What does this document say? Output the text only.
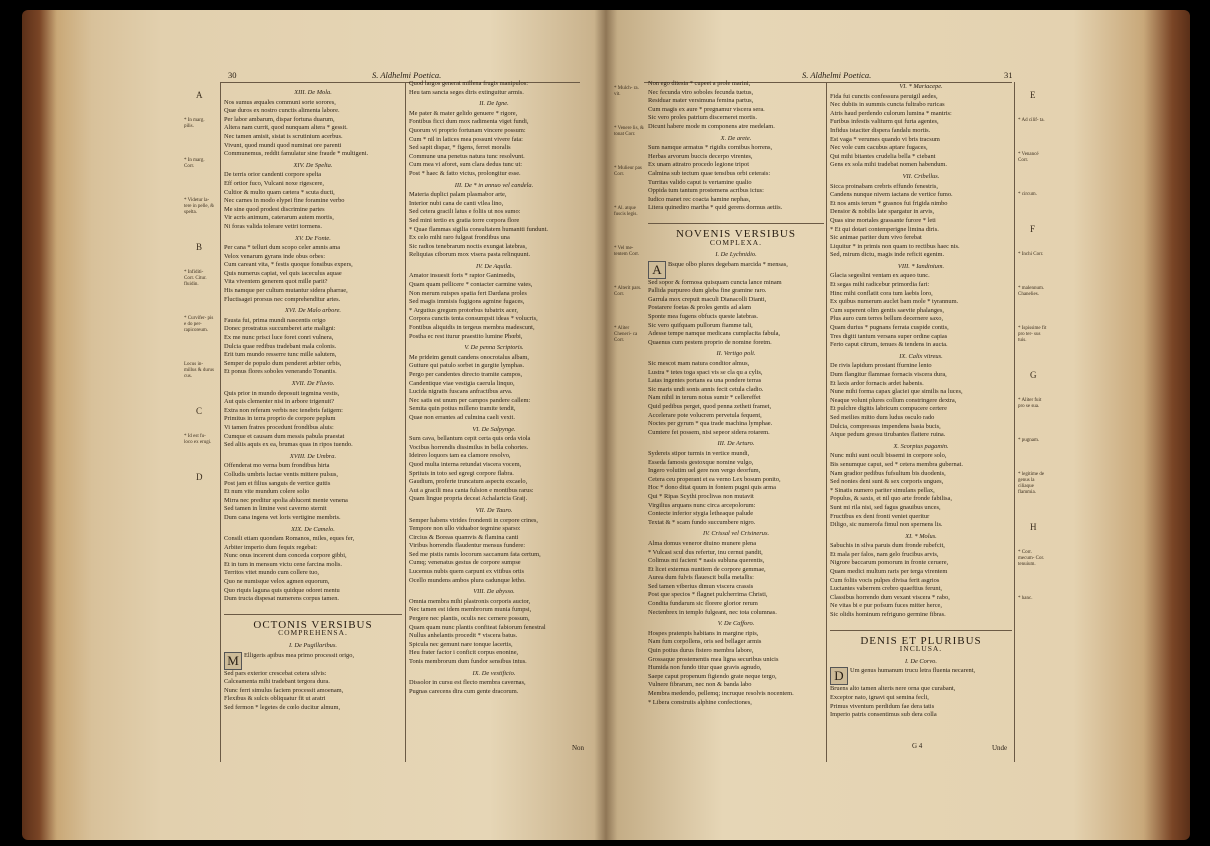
30	S. Aldhelmi Poetica.
A
* In marg. pilis.
* In marg. Corr.
* Videtur la-tere in pelle, & spelta.
B
* Infiditi- Corr. Citur. fluidin.
* Curvifer- pis e do per- rapicoreum.
Locus in- millus & durus cus.
C
* Id est fu- loco ex erugi.
D
XIII. De Mola.
Nos sumus æquales communi sorte sorores,
Quæ duros ex nostro cunctis alimenta labore.
Per labor ambarum, dispar fortuna duarum,
Altera nam currit, quod nunquam altera * gessit.
Nec tamen amisit, sistat is scrutinium acerbus.
Vivunt, quod mundi quod numinat ore parenti
Communemus, reddit famulatur sine fraude * multigeni.
XIV. De Spelta.
De terris orior candenti corpore spelta
Eff ortior fuco, Vulcani noxe rigescere,
Cultior & multo quam cætera * scuta ducti,
Nec carnes in modo elypei fine foramine verbo
Me sine quod prodest discrimine partes
Vir acris animum, caterarum autem mortis,
Ni foras valida tolerare vetiri tormens.
XV. De Fonte.
Per cana * telluri dum scopo celer amnis ama
Velox venarum gyrans inde obus orbes:
Cum careant vita, * festis quoque fonsibus expers,
Quis numerus capiat, vel quis iaceculus aquae
Vita viventem generem quot mille parit?
His namque per cultum mutantur sidera pharrae,
Fluctisagei prorsus nec comprehenditur artes.
XVI. De Malo arbore.
Fausta fui, prima mundi nascentis origo
Donec prostratus succumberet arte maligni:
Ex me nunc prisci luce foret conri vulnera,
Dulcia quae redibus tradebant mala colonis.
Erit tum mundo resserre tunc mille salutem,
Semper de populo dum penderet arbiter orbis,
Et ponus flores soboles venerando Tonantis.
XVII. De Fluvio.
Quis prior in mundo deposuit tegmina vestis,
Aut quis clementer nisi in arbore trigenuit?
Extra non referam verbis nec tenebris fatigem:
Primitus in terra proprio de corpore peplum
Vi tamen fratres procedunt frondibus aluis:
Cumque et causam dum messis pabula praestat
Sed aliis aquis ex ea, brumas quas in ripos tuendo.
XVIII. De Umbra.
Offenderat mo verna bum frondibus hirta
Colludis umbris luctae ventis mittere pulsus,
Post jam et filius sanguis de vertice guttis
Et num vite mundum colere solio
Mirra nec preditur spolia ablucent mente venena
Sed tamen in limine vest caverno sternit
Dum cana ingens vet loris vertigine membris.
XIX. De Camelo.
Consili etiam quondam Romanos, miles, eques fer,
Arbiter imperio dum fequix regebat:
Nunc onus incerent dum conceda corpore gibbi,
Et in tum in mensum victu cene farcina molis.
Territos vitet mundo cum collere tuo,
Quo ne numisque velox agmen equorum,
Quo riquis laguna quis quidque odoret mentu
Dum tructa dispesat numerens corpus tamen.
OCTONIS VERSIBUS
COMPREHENSA.
I. De Pugillaribus.
M Elligeris apibus mea primo processit origo,
Sed pars exterior crescebat cetera silvis:
Calceamenta mihi tradebant tergora dura.
Nunc ferri simulus faciem processit amoenam,
Flexibus & sulcis obliquatur fit ut aratri
Sed fermon * legetes de cœlo ducitur almum,
Quod largos generat millena frugis manipulos:
Heu tam sancta seges diris extinguitur armis.
II. De Igne.
Me pater & mater gelido genuere * rigore,
Fontibus ficci dum mox radimenta viget fundi,
Quorum vi proprio fortunam vincere possum:
Cum * nil in latices mea possunt vivere fata:
Sed sapit dispar, * figens, ferret moralis
Commune una penetus natura tunc resolvunt.
Cum mea vi aforet, sum clara dedus tunc ut:
Post * haec & fatto victus, prolongitur esse.
III. De * in annuo vel candela.
Materia duplici palam plasmabor arte,
Interior nubi cana de canti vilea lino,
Sed cetera gracili latus e foliis ut nos sumo:
Sed mini tertio ex gratia torre corpora flore
* Quae flammas sigilia consultatem humaniti fundunt.
Ex celo mihi raro fulgeat frondibus una
Sic radios tenebrarum noctis exungat latebras,
Reliquias ciborum mox visera pasta relinquunt.
IV. De Aquila.
Amator insuesit foris * raptor Ganimedis,
Quam quam pellicere * contacter carmine vates,
Non merum ruispes spatia fert Dardana proles
Sed magis immisis fugigons agmine fugaces,
* Argutius gregum protorbus tubatrix acer,
Corpora cunctis tenta consumpsit ideas * volucris,
Fontibus aliquidis in tergeus membra madescunt,
Postha ec rest iturur praestito lumine Phœbi,
V. De penna Scriptoris.
Me prideim genuit candens onocrotalus albam,
Gutture qui patulo sorbet in gurgite lymphas.
Pergo per candentes directo tramite campos,
Candentique viae vestigia caerula linquo,
Lucida nigratis fuscans anfractibus arva.
Nec satis est unum per campos pandere callem:
Semita quin potius milleno tramite tendit,
Quae non errantes ad culmina caeli vexit.
VI. De Salpynge.
Sum cava, bellantum cepit certa quis orda viola
Vocibus horrendis dissimilus in bella cohortes.
Ideireo loquors tam ea clamore resolvo,
Quod multa interna retundat viscera vocem,
Sprituis in toto sed egregi corpore flabra.
Gaudium, proferte truncatum aspectu excaelo,
Aut a gracili mea canta fulsion e montibus rarus:
Quam lingue propria deceat Achalaricia Graij.
VII. De Tauro.
Semper habens virides frondenti in corpore crines,
Tempore non ullo viduabor tegmine sparso:
Circius & Boreas quamvis & flamina canti
Viribus horrendis flaudentur mensus fundere:
Sed me pistis ramis locorum saccanum fata certum,
Cumq; venenatus gestus de corpore sumpse
Lucemus nubis quem carpunt ex vitibus ortis
Ocello mundens ambos plura cadunque letho.
VIII. De abysso.
Omnia membra mihi plastronis corporis auctor,
Nec tamen est idem membrorum munia fumpsi,
Pergere nec plantis, oculis nec cernere possum,
Quam quam nunc plantis confiteat fabiorum fenestral
Nullus anhelantis procedit * viscera batus.
Spicula nec gemunt nare tonque lacertis,
Heu frater factor i conficit corpus enonine,
Tonis membrorum dum fundor sensibus intus.
IX. De vestificio.
Dissolor in cursu est flecto membra cavernas,
Pugnas carecens dira cum gente dracorum.
Non
S. Aldhelmi Poetica.	31
* Mulch- ra. vit.
* Venere lis, & tonat Corr.
* Mulieur pas Corr.
* Al. atque fuscis legis.
* Vel me- tentem Corr.
* Alterit pars. Corr.
* Aliter Cheneri- ca Corr.
E
* Ad cilif- ta.
* Venancé Corr.
* circum.
F
* Inchi Corr.
* malennum. Chanelies.
* Ispissime fit pro ter- sus tuis.
G
* Aliter fuit pro se sua.
* pugnam.
* legitime de genus la ciliaque flammia.
H
* Corr. mecum- Cor. tenuium.
* hanc.
Non ego ditesia * cupeet a prole marini,
Nec fecunda viro soboles fecunda tuetus,
Residuar mater versimuna femina partus,
Cum magis ex aure * pregnamur viscera sera.
Sic vero proles patrium discerneret mortis.
Dicunt habere mode m componens atre medelam.
X. De arete.
Sum namque armatus * rigidis cornibus horrens,
Herbas arvorum buccis decerpo virentes,
Ex unam attratro procedo legione tripot
Calmina sub tectum quae tensibus orbi ceterais:
Turritas valido caput is vertamine qualio
Oppida tum tantum prostemens acribus ictus:
Iudico manet rec coacta hamine nephas,
Litera quinediro martha * quid gerens dormus aetiis.
NOVENIS VERSIBUS
COMPLEXA.
I. De Lychnidio.
A Bsque olbo plures degebam marcida * mensas,
Sed sopor & formosa quisquam cuncta lance minam
Pallida purpureo dum gleba fine gramine raro.
Garrula mox crepuit maculi Dianacolli Dianti,
Postarere foetas & proles gentis ad alam
Sponte mea fugens obfucis queste latebras.
Sic vero quifquam pullorum fiamme tali,
Adesse tempe namque medicans cumplacita fabula,
Quaenus cum pestem proprio de nomine foretm.
II. Vertigo poli.
Sic mescot mam natura conditor almus,
Lustra * tetes toga spaci vis se cla qu a cylis,
Latas ingentes portans ea una pondere terras
Sic maris undi sonis annis fecit cetula cladio.
Nam nihil in terum notus sumir * cellereffet
Quid pedibus perget, quod penna zetheti framet,
Accelerare pote volucrem pervetula fequent,
Noctes per gyrum * qua trade machina lymphae.
Cumtere fei possem, nisi sepeor sidera rotarem.
III. De Arturo.
Sydereis stipor turmis in vertice mundi,
Esseda famosis gestoxque nomine vulgo,
Ingero volutim uel gere non vergo deorfum,
Cetera ceu properant et ea verno Lex bosum ponito,
Hoc * dono ditat quum in fontem pugni quis arma
Qui * Ripas Scythi proclivas non mutavit
Virgilius arquans nunc circa arcepolorum:
Contecte inferior stygia letheaque palude
Textat & * scam fundo succumbere nigro.
IV. Crissal vel Crisinerus.
Alma domus veneror diuino munere plena
* Vulcasi scul dus refertur, inu cernui pandit,
Colimus mi facient * nasis subluna querentis,
Et licet externus nuntiem de corpore gemmae,
Aurea dum fulvis flauescit bulla metallis:
Sed tamen viberius dimun viscera crassis
Post que specios * flagnet pulcherrima Christi,
Condita fundarum sic florere glorior rerum
Nectenbrex in templo fulgeant, nec tota columnas.
V. De Cafforo.
Hospes pratenpis habitans in margine ripis,
Nam fum corpollens, oris sed bellager armis
Quin potius durus fistero membra labore,
Grossaque prostementis mea ligna securibus unicis
Humida non fundo titur quae gravis agnudo,
Saepe caput propenum figiendo grate neque tergo,
Vulnere fibrarum, nec non & banda labo
Membra medendo, pellemq; incruque resolvis nocentem.
* Libera construiis alphine confectiones,
VI. * Mariacepe.
Fida fui cunctis confessura peruigil aedes,
Nec dubiis in summis cuncta fultrabo ruricas
Atris haud perdendo culorum lumina * mantris:
Furibus infestis valiturm qui furta agentes,
Infidus istaciter dispera fandalu mortis.
Est vaga * verumes quando vi bris tracsum
Nec vole cum cacubus aptare fugaces,
Qui mihi bitantes crudelia bella * ciebant
Gens ex sola mihi tradebat nomen habendum.
VII. Cribellus.
Sicca proinabam crebris effundo fenestris,
Candens nunque nivem iactans de vertice fumo.
Et nos amis terum * grasnos fui frigida nimbo
Densior & nobilis late spargatur in arvis,
Quas sine mortales grassante furore * leti
* Et qui dotari contemperigne limina diris.
Sic animae pariter dum vivo ferebat
Liquitur * in primis non quam to rectibus haec nis.
Sed, mirum dictu, magis inde reficit egenim.
VIII. * Iandinium.
Glacia segeslini ventam ex aqueo tunc.
Et segas mihi radicebur primordia fari:
Hinc mihi conflatit cora tum laebis loro,
Ex quibus numerum auclet bam mole * tyrannum.
Cum superent olim gentis saevite phalanges,
Plus auro cum terres bellum decernere saxo,
Quam durius * pugnans ferrata cuspide contis,
Tres digiti tantum versans super ordine capias
Ferto caput citrum, tenues & tendens in aucta.
IX. Calix vitreus.
De rivis lapidum prostant ffurnine lento
Dum flangitur flammae fornacis viscera dura,
Et laxis ardor fornacis ardet habenis.
Nune mihi forma capax glaciei que similis na luces,
Neaque volunt plures collum constringere dextra,
Et pulchre digitis labricum compucere certere
Sed meilies mitto dum ludus osculo rado
Dulcia, compressus impendens basia bucis,
Atque pedum gressu tirubantes flattere ruina.
X. Scorpius pagamin.
Nunc mihi sunt oculi bissemi in corpore solo,
Bis senumque caput, sed * cetera membra gubernat.
Nam gradior pedibus fufsultum bis duodenis,
Sed nonies deni sunt & sex corporis ungues,
* Sinatis numero pariter simulans pellax,
Populus, & saxis, et nil quo arte fronde fabilisa,
Sunt mi rila nisi, sed fagus gnauibus unces,
Fructibus ex deni fronti veniet queritur
Diligo, sic numerofa fimul non spernens lis.
XI. * Molus.
Sabuchis in silva paruis dum fronde rubefcit,
Et mala per falos, nam gelo frucibus arvis,
Nigrore baccarum pomorum in fronte ceruere,
Quam medici multum raris per terga virentem
Cum foliis vocis pulpes divisa ferit asgrios
Luctantes vaberrem crebro quaeftius ferunt,
Classibus horrendo dum vexant viscera * rabo,
Ne vitas bi e pur pofsum fuces mitter herce,
Sic olidis hominum refriguno germine fibras.
DENIS ET PLURIBUS
INCLUSA.
I. De Corvo.
D Um genus humanum trucu letra fluenta necarent,
Bruens alto tamen alteris nere orna que curabant,
Exceptor nato, ignavi qui semina fecli,
Primus viventum perdidum fae dera tatis
Imperio patris consentimus sub dera colla
G 4	Unde
